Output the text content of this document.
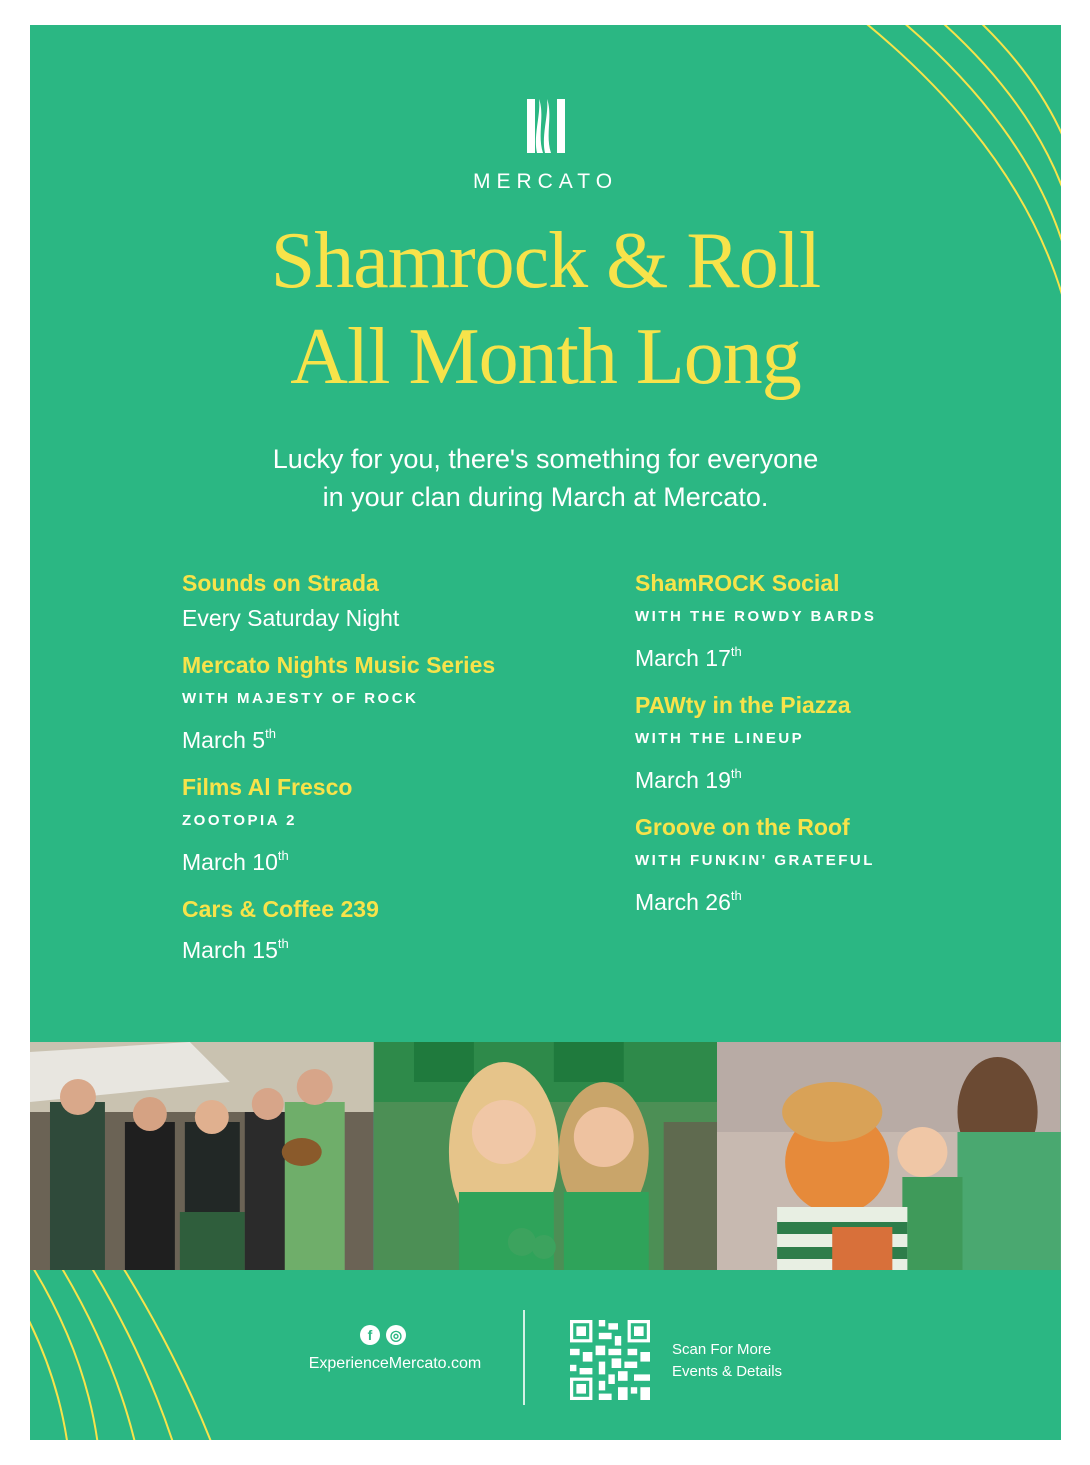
MERCATO
Shamrock & Roll
All Month Long
Lucky for you, there's something for everyone
in your clan during March at Mercato.
Sounds on Strada
Every Saturday Night
Mercato Nights Music Series
WITH MAJESTY OF ROCK
March 5th
Films Al Fresco
ZOOTOPIA 2
March 10th
Cars & Coffee 239
March 15th
ShamROCK Social
WITH THE ROWDY BARDS
March 17th
PAWty in the Piazza
WITH THE LINEUP
March 19th
Groove on the Roof
WITH FUNKIN' GRATEFUL
March 26th
f	◎
ExperienceMercato.com
Scan For More
Events & Details
